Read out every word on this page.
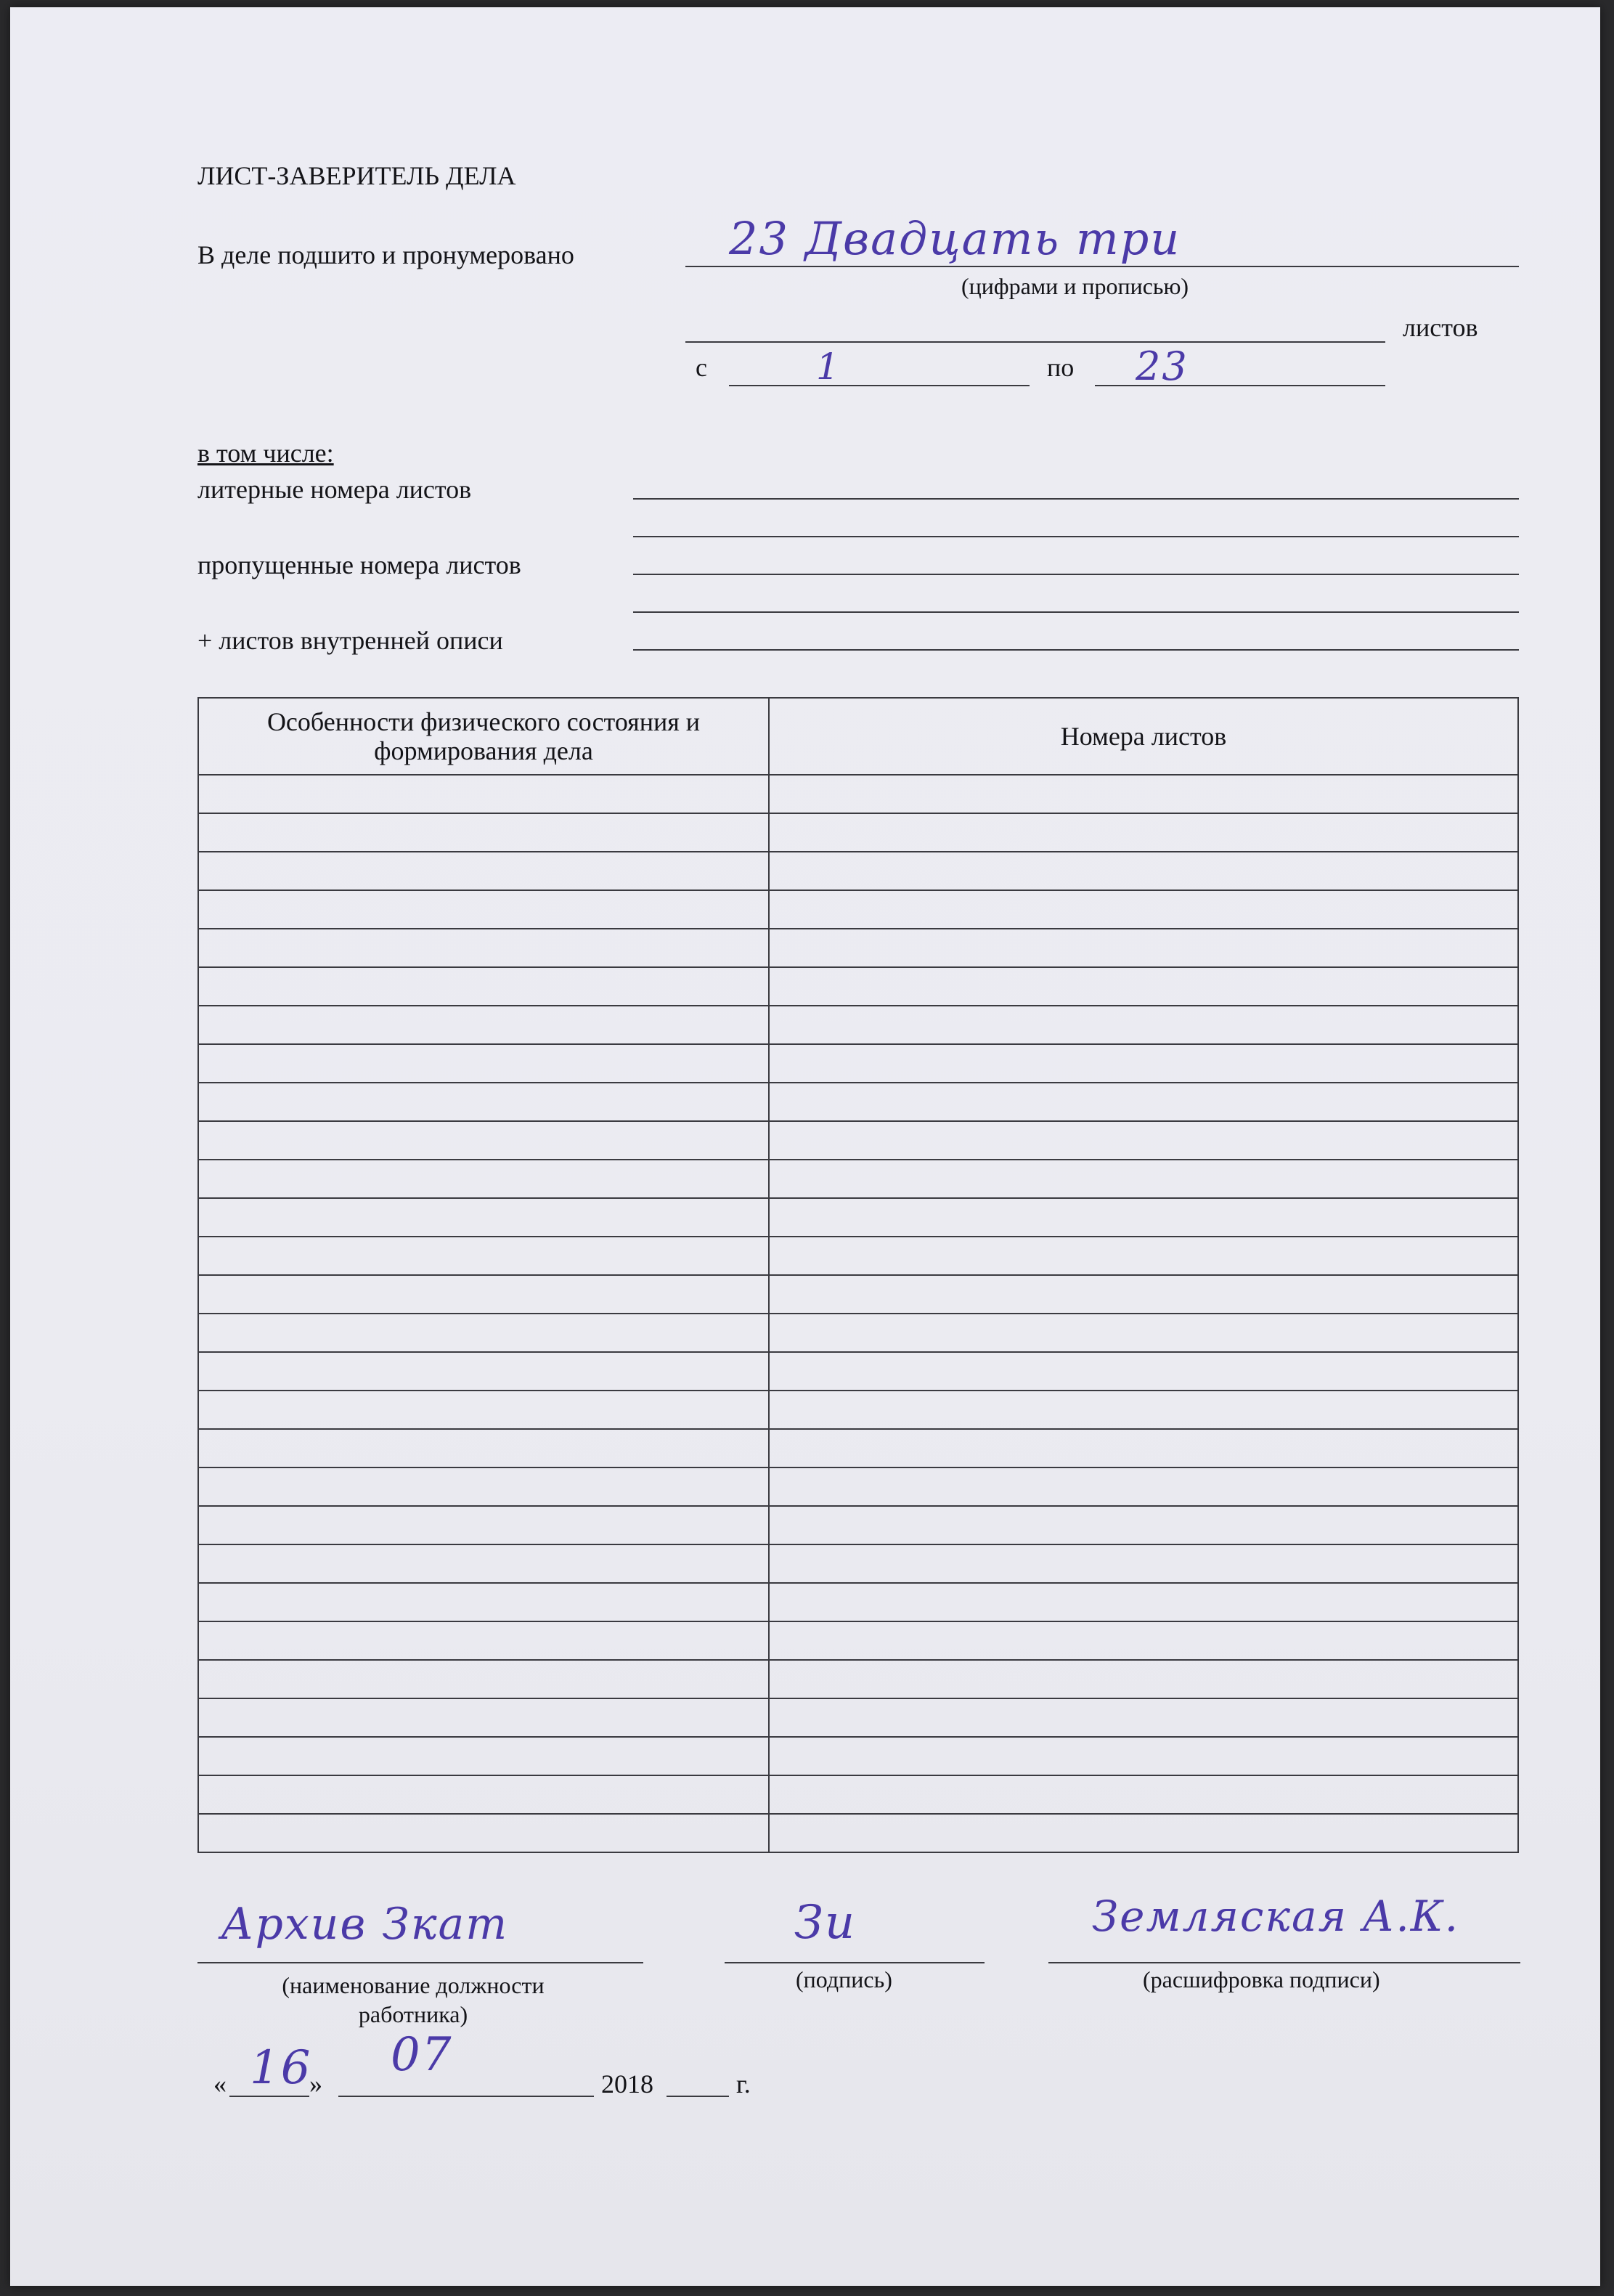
ЛИСТ-ЗАВЕРИТЕЛЬ ДЕЛА
В деле подшито и пронумеровано	23 Двадцать три
(цифрами и прописью)
листов
с	1	по 23
в том числе:
литерные номера листов
пропущенные номера листов
+ листов внутренней описи
Особенности физического состояния и формирования дела	Номера листов
Архив Зкат
(наименование должности работника)
Зи
(подпись)
Земляская А.К.
(расшифровка подписи)
« 16
»
07
2018	г.
